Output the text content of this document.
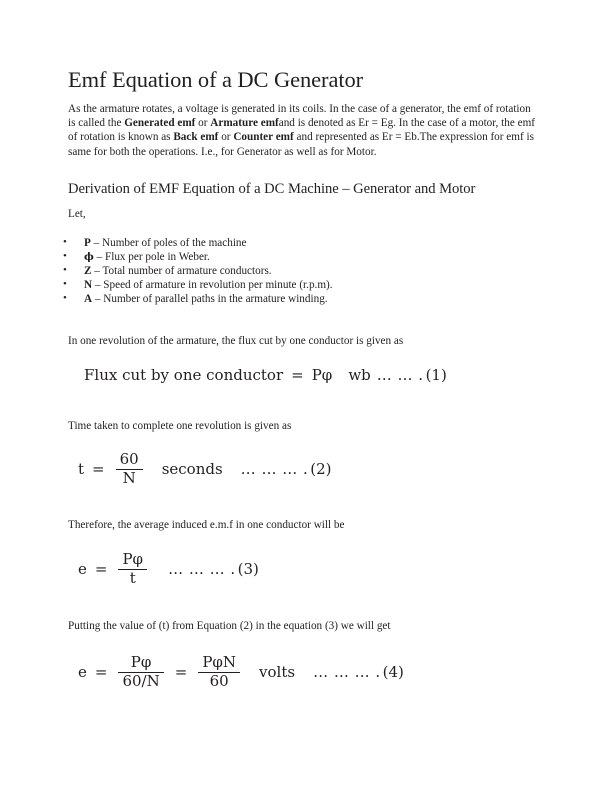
Emf Equation of a DC Generator

As the armature rotates, a voltage is generated in its coils. In the case of a generator, the emf of rotation is called the Generated emf or Armature emfand is denoted as Er = Eg. In the case of a motor, the emf of rotation is known as Back emf or Counter emf and represented as Er = Eb.The expression for emf is same for both the operations. I.e., for Generator as well as for Motor.

Derivation of EMF Equation of a DC Machine – Generator and Motor

Let,

• P – Number of poles of the machine
• ϕ – Flux per pole in Weber.
• Z – Total number of armature conductors.
• N – Speed of armature in revolution per minute (r.p.m).
• A – Number of parallel paths in the armature winding.

In one revolution of the armature, the flux cut by one conductor is given as

Flux cut by one conductor = Pφ wb … … . (1)

Time taken to complete one revolution is given as

$t = \frac{60}{N}$ seconds … … … . (2)

Therefore, the average induced e.m.f in one conductor will be

$e = \frac{P\varphi}{t}$ … … … . (3)

Putting the value of (t) from Equation (2) in the equation (3) we will get

$e = \frac{P\varphi}{60/N} = \frac{\text{PφN}}{60}$ volts … … … . (4)
